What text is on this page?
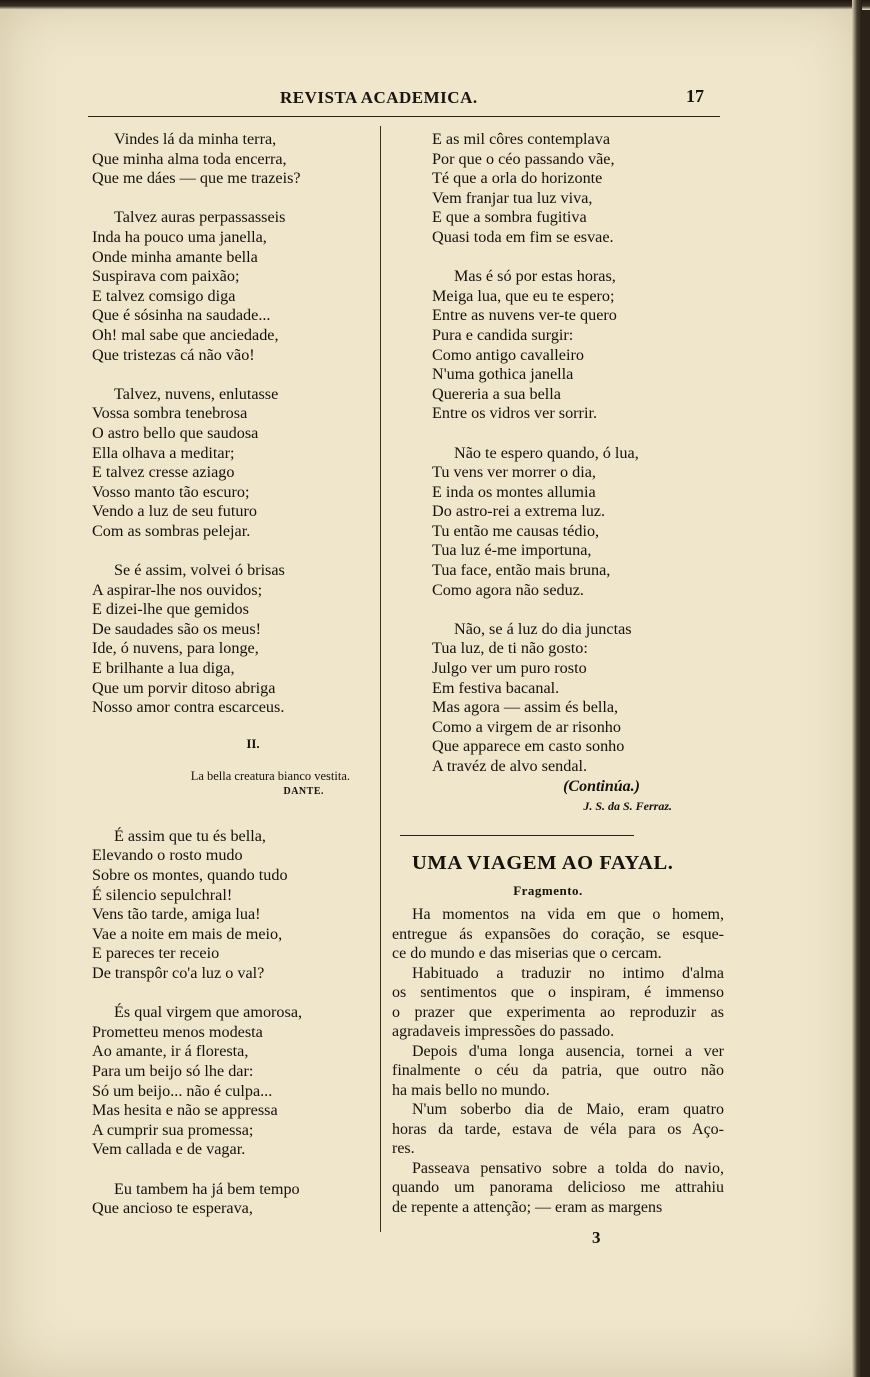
REVISTA ACADEMICA.	17
Vindes lá da minha terra,
Que minha alma toda encerra,
Que me dáes — que me trazeis?
Talvez auras perpassasseis
Inda ha pouco uma janella,
Onde minha amante bella
Suspirava com paixão;
E talvez comsigo diga
Que é sósinha na saudade...
Oh! mal sabe que anciedade,
Que tristezas cá não vão!
Talvez, nuvens, enlutasse
Vossa sombra tenebrosa
O astro bello que saudosa
Ella olhava a meditar;
E talvez cresse aziago
Vosso manto tão escuro;
Vendo a luz de seu futuro
Com as sombras pelejar.
Se é assim, volvei ó brisas
A aspirar-lhe nos ouvidos;
E dizei-lhe que gemidos
De saudades são os meus!
Ide, ó nuvens, para longe,
E brilhante a lua diga,
Que um porvir ditoso abriga
Nosso amor contra escarceus.
II.
La bella creatura bianco vestita.
DANTE.
É assim que tu és bella,
Elevando o rosto mudo
Sobre os montes, quando tudo
É silencio sepulchral!
Vens tão tarde, amiga lua!
Vae a noite em mais de meio,
E pareces ter receio
De transpôr co'a luz o val?
És qual virgem que amorosa,
Prometteu menos modesta
Ao amante, ir á floresta,
Para um beijo só lhe dar:
Só um beijo... não é culpa...
Mas hesita e não se appressa
A cumprir sua promessa;
Vem callada e de vagar.
Eu tambem ha já bem tempo
Que ancioso te esperava,
E as mil côres contemplava
Por que o céo passando vãe,
Té que a orla do horizonte
Vem franjar tua luz viva,
E que a sombra fugitiva
Quasi toda em fim se esvae.
Mas é só por estas horas,
Meiga lua, que eu te espero;
Entre as nuvens ver-te quero
Pura e candida surgir:
Como antigo cavalleiro
N'uma gothica janella
Quereria a sua bella
Entre os vidros ver sorrir.
Não te espero quando, ó lua,
Tu vens ver morrer o dia,
E inda os montes allumia
Do astro-rei a extrema luz.
Tu então me causas tédio,
Tua luz é-me importuna,
Tua face, então mais bruna,
Como agora não seduz.
Não, se á luz do dia junctas
Tua luz, de ti não gosto:
Julgo ver um puro rosto
Em festiva bacanal.
Mas agora — assim és bella,
Como a virgem de ar risonho
Que apparece em casto sonho
A travéz de alvo sendal.
(Continúa.)
J. S. da S. Ferraz.
UMA VIAGEM AO FAYAL.
Fragmento.

Ha momentos na vida em que o homem,
entregue ás expansões do coração, se esque-
ce do mundo e das miserias que o cercam.

Habituado a traduzir no intimo d'alma
os sentimentos que o inspiram, é immenso
o prazer que experimenta ao reproduzir as
agradaveis impressões do passado.

Depois d'uma longa ausencia, tornei a ver
finalmente o céu da patria, que outro não
ha mais bello no mundo.

N'um soberbo dia de Maio, eram quatro
horas da tarde, estava de véla para os Aço-
res.

Passeava pensativo sobre a tolda do navio,
quando um panorama delicioso me attrahiu
de repente a attenção; — eram as margens

3
